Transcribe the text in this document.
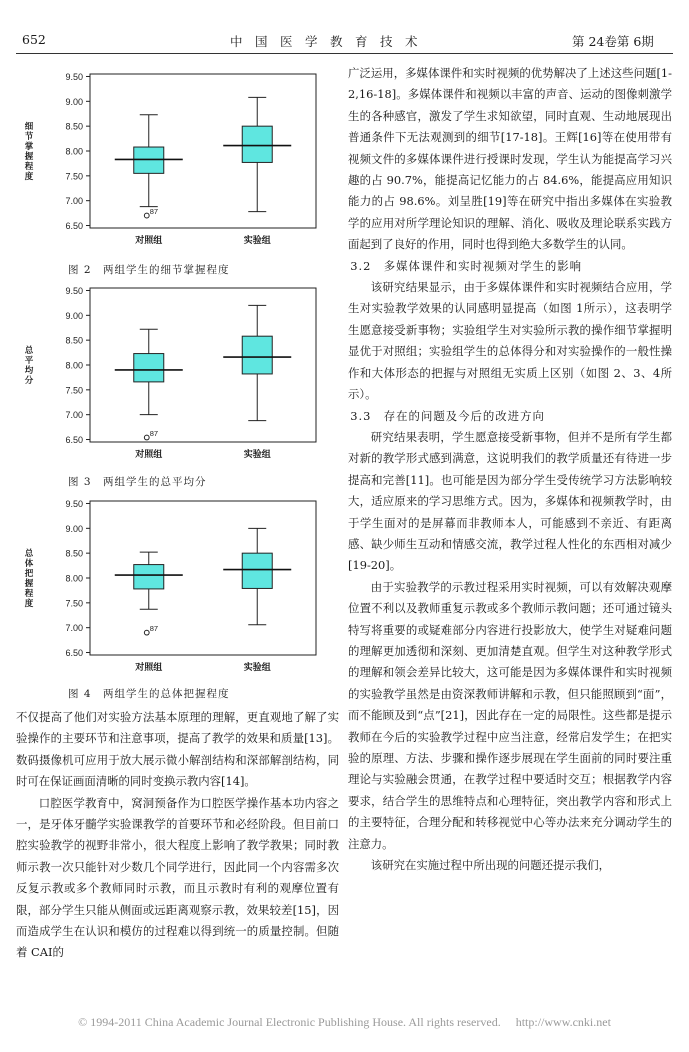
652	中　国　医　学　教　育　技　术	第 24卷第 6期
6.50
7.00
7.50
8.00
8.50
9.00
9.50
细
节
掌
握
程
度
对照组	实验组
87
图 2　两组学生的细节掌握程度
6.50
7.00
7.50
8.00
8.50
9.00
9.50
总
平
均
分
对照组	实验组
87
图 3　两组学生的总平均分
6.50
7.00
7.50
8.00
8.50
9.00
9.50
总
体
把
握
程
度
对照组	实验组
87
图 4　两组学生的总体把握程度

不仅提高了他们对实验方法基本原理的理解，更直观地了解了实验操作的主要环节和注意事项，提高了教学的效果和质量[13]。数码摄像机可应用于放大展示微小解剖结构和深部解剖结构，同时可在保证画面清晰的同时变换示教内容[14]。

口腔医学教育中，窝洞预备作为口腔医学操作基本功内容之一，是牙体牙髓学实验课教学的首要环节和必经阶段。但目前口腔实验教学的视野非常小，很大程度上影响了教学教果；同时教师示教一次只能针对少数几个同学进行，因此同一个内容需多次反复示教或多个教师同时示教，而且示教时有利的观摩位置有限，部分学生只能从侧面或远距离观察示教，效果较差[15]，因而造成学生在认识和模仿的过程难以得到统一的质量控制。但随着 CAI的

广泛运用，多媒体课件和实时视频的优势解决了上述这些问题[1-2,16-18]。多媒体课件和视频以丰富的声音、运动的图像刺激学生的各种感官，激发了学生求知欲望，同时直观、生动地展现出普通条件下无法观测到的细节[17-18]。王辉[16]等在使用带有视频文件的多媒体课件进行授课时发现，学生认为能提高学习兴趣的占 90.7%，能提高记忆能力的占 84.6%，能提高应用知识能力的占 98.6%。刘呈胜[19]等在研究中指出多媒体在实验教学的应用对所学理论知识的理解、消化、吸收及理论联系实践方面起到了良好的作用，同时也得到绝大多数学生的认同。

3.2　多媒体课件和实时视频对学生的影响

该研究结果显示，由于多媒体课件和实时视频结合应用，学生对实验教学效果的认同感明显提高（如图 1所示），这表明学生愿意接受新事物；实验组学生对实验所示教的操作细节掌握明显优于对照组；实验组学生的总体得分和对实验操作的一般性操作和大体形态的把握与对照组无实质上区别（如图 2、3、4所示）。

3.3　存在的问题及今后的改进方向

研究结果表明，学生愿意接受新事物，但并不是所有学生都对新的教学形式感到满意，这说明我们的教学质量还有待进一步提高和完善[11]。也可能是因为部分学生受传统学习方法影响较大，适应原来的学习思维方式。因为，多媒体和视频教学时，由于学生面对的是屏幕而非教师本人，可能感到不亲近、有距离感、缺少师生互动和情感交流，教学过程人性化的东西相对减少[19-20]。

由于实验教学的示教过程采用实时视频，可以有效解决观摩位置不利以及教师重复示教或多个教师示教问题；还可通过镜头特写将重要的或疑难部分内容进行投影放大，使学生对疑难问题的理解更加透彻和深刻、更加清楚直观。但学生对这种教学形式的理解和领会差异比较大，这可能是因为多媒体课件和实时视频的实验教学虽然是由资深教师讲解和示教，但只能照顾到“面”，而不能顾及到“点”[21]，因此存在一定的局限性。这些都是提示教师在今后的实验教学过程中应当注意，经常启发学生；在把实验的原理、方法、步骤和操作逐步展现在学生面前的同时要注重理论与实验融会贯通，在教学过程中要适时交互；根据教学内容要求，结合学生的思维特点和心理特征，突出教学内容和形式上的主要特征，合理分配和转移视觉中心等办法来充分调动学生的注意力。

该研究在实施过程中所出现的问题还提示我们，

© 1994-2011 China Academic Journal Electronic Publishing House. All rights reserved.　 http://www.cnki.net
